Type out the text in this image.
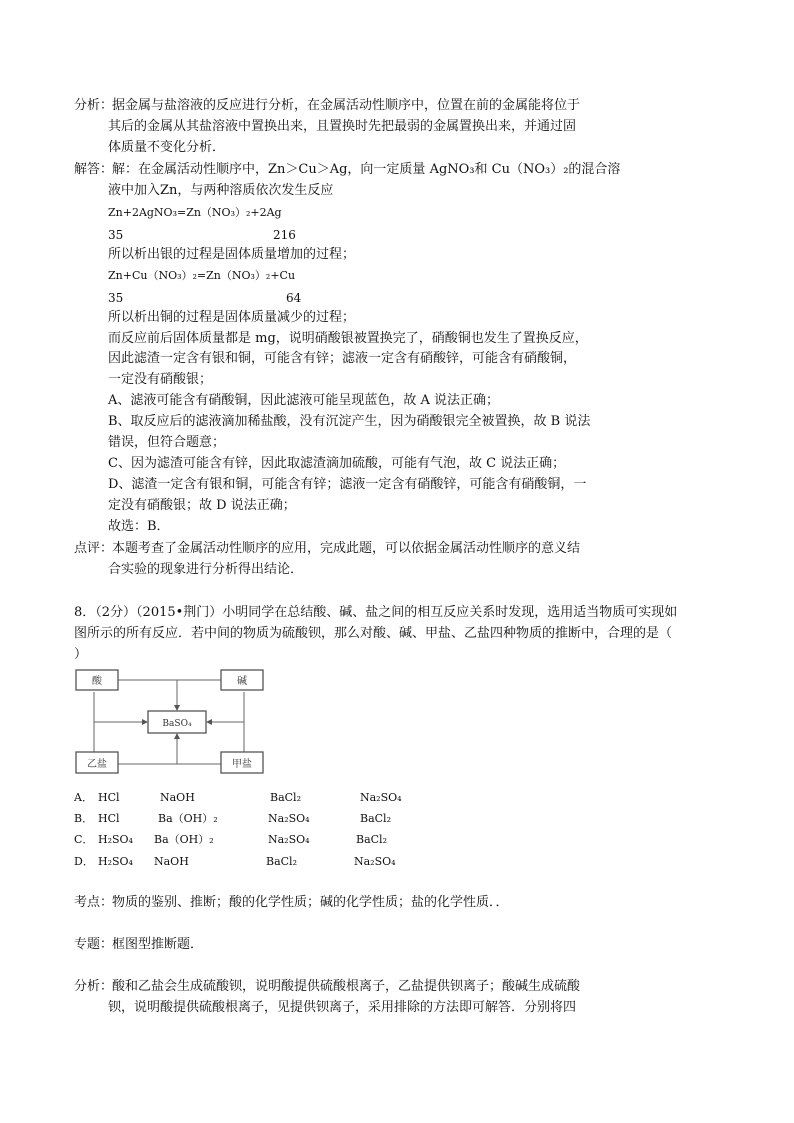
分析：
据金属与盐溶液的反应进行分析，在金属活动性顺序中，位置在前的金属能将位于
其后的金属从其盐溶液中置换出来，且置换时先把最弱的金属置换出来，并通过固
体质量不变化分析．
解答：
解：在金属活动性顺序中，Zn＞Cu＞Ag，向一定质量 AgNO₃和 Cu（NO₃）₂的混合溶
液中加入Zn，与两种溶质依次发生反应
Zn+2AgNO₃=Zn（NO₃）₂+2Ag
35	216
所以析出银的过程是固体质量增加的过程；
Zn+Cu（NO₃）₂=Zn（NO₃）₂+Cu
35	64
所以析出铜的过程是固体质量减少的过程；
而反应前后固体质量都是 mg，说明硝酸银被置换完了，硝酸铜也发生了置换反应，
因此滤渣一定含有银和铜，可能含有锌；滤液一定含有硝酸锌，可能含有硝酸铜，
一定没有硝酸银；
A、滤液可能含有硝酸铜，因此滤液可能呈现蓝色，故 A 说法正确；
B、取反应后的滤液滴加稀盐酸，没有沉淀产生，因为硝酸银完全被置换，故 B 说法
错误，但符合题意；
C、因为滤渣可能含有锌，因此取滤渣滴加硫酸，可能有气泡，故 C 说法正确；
D、滤渣一定含有银和铜，可能含有锌；滤液一定含有硝酸锌，可能含有硝酸铜，一
定没有硝酸银；故 D 说法正确；
故选：B．
点评：
本题考查了金属活动性顺序的应用，完成此题，可以依据金属活动性顺序的意义结
合实验的现象进行分析得出结论．
8．（2分）（2015•荆门）小明同学在总结酸、碱、盐之间的相互反应关系时发现，选用适当物质可实现如
图所示的所有反应．若中间的物质为硫酸钡，那么对酸、碱、甲盐、乙盐四种物质的推断中，合理的是（
）
酸	碱
BaSO₄
乙盐	甲盐
A． HCl	NaOH	BaCl₂	Na₂SO₄
B． HCl	Ba（OH）₂	Na₂SO₄	BaCl₂
C． H₂SO₄ Ba（OH）₂	Na₂SO₄	BaCl₂
D． H₂SO₄ NaOH	BaCl₂	Na₂SO₄
考点：
物质的鉴别、推断；酸的化学性质；碱的化学性质；盐的化学性质．．
专题：
框图型推断题．
分析：
酸和乙盐会生成硫酸钡，说明酸提供硫酸根离子，乙盐提供钡离子；酸碱生成硫酸
钡，说明酸提供硫酸根离子，见提供钡离子，采用排除的方法即可解答．分别将四
